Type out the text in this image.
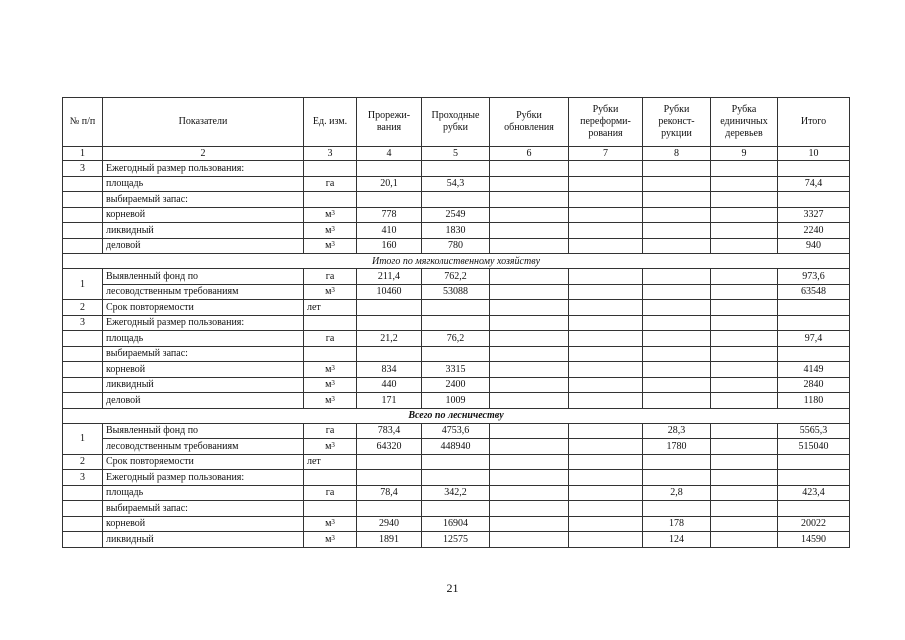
№ п/п	Показатели	Ед. изм.	Прорежи-вания	Проходные рубки	Рубки обновления	Рубки переформи-рования	Рубки реконст-рукции	Рубка единичных деревьев	Итого
1	2	3	4	5	6	7	8	9	10
3	Ежегодный размер пользования:								
	площадь	га	20,1	54,3					74,4
	выбираемый запас:								
	корневой	$м^3$	778	2549					3327
	ликвидный	$м^3$	410	1830					2240
	деловой	$м^3$	160	780					940
Итого по мягколиственному хозяйству									
1	Выявленный фонд по	га	211,4	762,2					973,6
	лесоводственным требованиям	$м^3$	10460	53088					63548
2	Срок повторяемости	лет							
3	Ежегодный размер пользования:								
	площадь	га	21,2	76,2					97,4
	выбираемый запас:								
	корневой	$м^3$	834	3315					4149
	ликвидный	$м^3$	440	2400					2840
	деловой	$м^3$	171	1009					1180
Всего по лесничеству									
1	Выявленный фонд по	га	783,4	4753,6			28,3		5565,3
	лесоводственным требованиям	$м^3$	64320	448940			1780		515040
2	Срок повторяемости	лет							
3	Ежегодный размер пользования:								
	площадь	га	78,4	342,2			2,8		423,4
	выбираемый запас:								
	корневой	$м^3$	2940	16904			178		20022
	ликвидный	$м^3$	1891	12575			124		14590
21
